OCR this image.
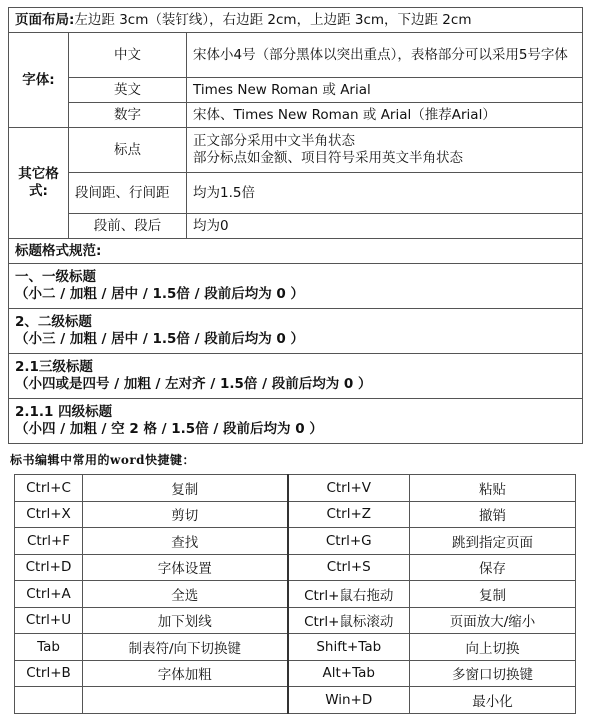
页面布局:左边距 3cm（装钉线），右边距 2cm，上边距 3cm，下边距 2cm		
字体:	中文	宋体小4号（部分黑体以突出重点），表格部分可以采用5号字体
	英文	Times New Roman 或 Arial
	数字	宋体、Times New Roman 或 Arial（推荐Arial）
其它格式:	标点	正文部分采用中文半角状态
部分标点如金额、项目符号采用英文半角状态
	段间距、行间距	均为1.5倍
	段前、段后	均为0
标题格式规范:		

一、一级标题
（小二 / 加粗 / 居中 / 1.5倍 / 段前后均为 0 ）		

2、二级标题
（小三 / 加粗 / 居中 / 1.5倍 / 段前后均为 0 ）		

2.1三级标题
（小四或是四号 / 加粗 / 左对齐 / 1.5倍 / 段前后均为 0 ）		

2.1.1 四级标题
（小四 / 加粗 / 空 2 格 / 1.5倍 / 段前后均为 0 ）		
标书编辑中常用的word快捷键：
Ctrl+C	复制	Ctrl+V	粘贴
Ctrl+X	剪切	Ctrl+Z	撤销
Ctrl+F	查找	Ctrl+G	跳到指定页面
Ctrl+D	字体设置	Ctrl+S	保存
Ctrl+A	全选	Ctrl+鼠右拖动	复制
Ctrl+U	加下划线	Ctrl+鼠标滚动	页面放大/缩小
Tab	制表符/向下切换键	Shift+Tab	向上切换
Ctrl+B	字体加粗	Alt+Tab	多窗口切换键
		Win+D	最小化
